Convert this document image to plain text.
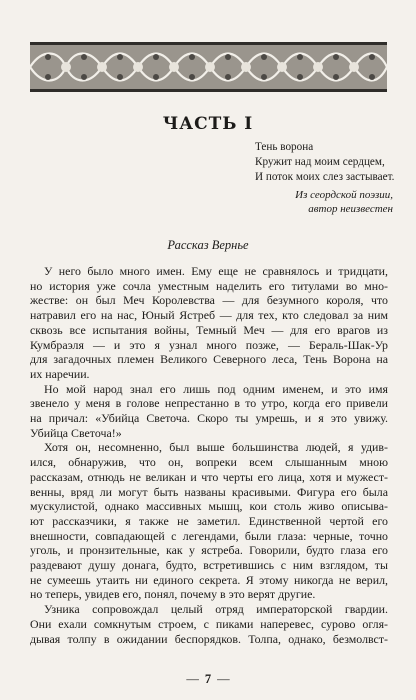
ЧАСТЬ I
Тень ворона
Кружит над моим сердцем,
И поток моих слез застывает.
Из сеордской поэзии,
автор неизвестен
Рассказ Вернье
У него было много имен. Ему еще не сравнялось и тридцати,
но история уже сочла уместным наделить его титулами во мно-
жестве: он был Меч Королевства — для безумного короля, что
натравил его на нас, Юный Ястреб — для тех, кто следовал за ним
сквозь все испытания войны, Темный Меч — для его врагов из
Кумбраэля — и это я узнал много позже, — Бераль-Шак-Ур
для загадочных племен Великого Северного леса, Тень Ворона на
их наречии.
Но мой народ знал его лишь под одним именем, и это имя
звенело у меня в голове непрестанно в то утро, когда его привели
на причал: «Убийца Светоча. Скоро ты умрешь, и я это увижу.
Убийца Светоча!»
Хотя он, несомненно, был выше большинства людей, я удив-
ился, обнаружив, что он, вопреки всем слышанным мною
рассказам, отнюдь не великан и что черты его лица, хотя и мужест-
венны, вряд ли могут быть названы красивыми. Фигура его была
мускулистой, однако массивных мышц, кои столь живо описыва-
ют рассказчики, я также не заметил. Единственной чертой его
внешности, совпадающей с легендами, были глаза: черные, точно
уголь, и пронзительные, как у ястреба. Говорили, будто глаза его
раздевают душу донага, будто, встретившись с ним взглядом, ты
не сумеешь утаить ни единого секрета. Я этому никогда не верил,
но теперь, увидев его, понял, почему в это верят другие.
Узника сопровождал целый отряд императорской гвардии.
Они ехали сомкнутым строем, с пиками наперевес, сурово огля-
дывая толпу в ожидании беспорядков. Толпа, однако, безмолвст-
— 7 —
